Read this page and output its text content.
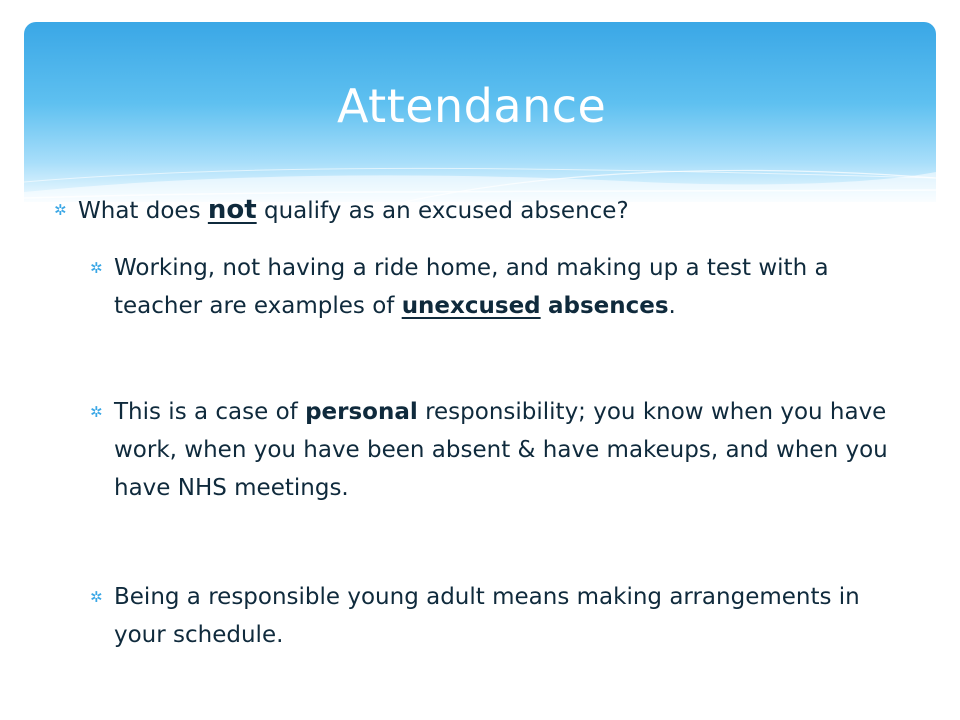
Attendance

✲ What does not qualify as an excused absence?

✲ Working, not having a ride home, and making up a test with a teacher are examples of unexcused absences.

✲ This is a case of personal responsibility; you know when you have work, when you have been absent & have makeups, and when you have NHS meetings.

✲ Being a responsible young adult means making arrangements in your schedule.
